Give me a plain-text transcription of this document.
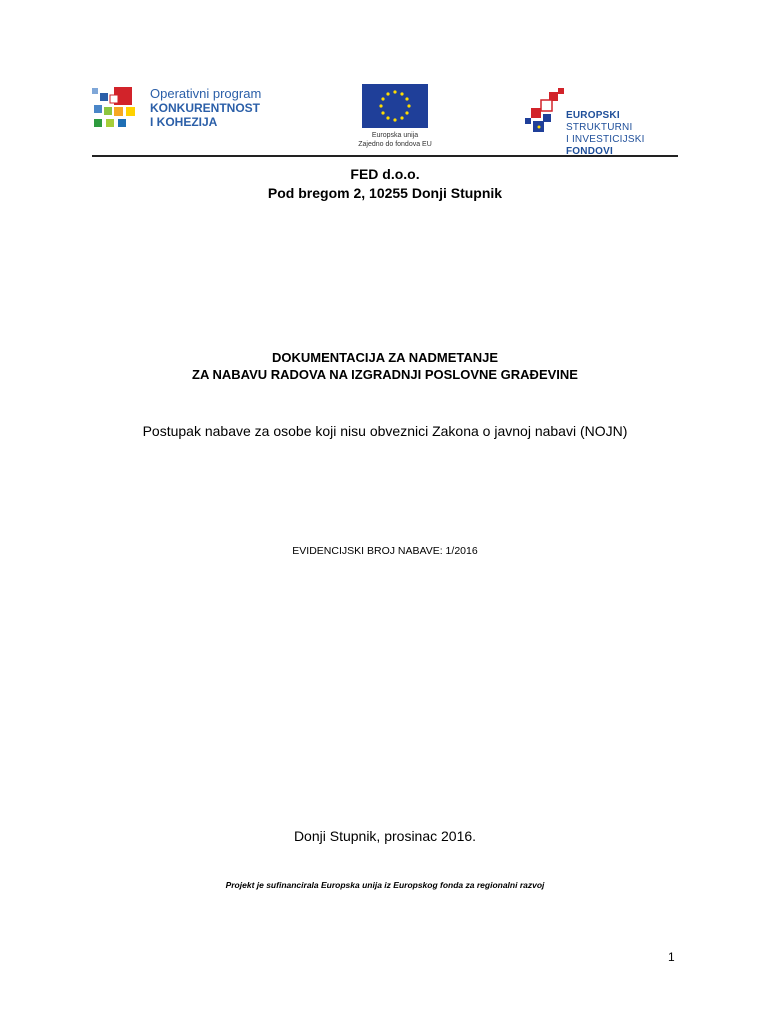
Operativni program
KONKURENTNOST
I KOHEZIJA
Europska unija
Zajedno do fondova EU
EUROPSKI STRUKTURNI
I INVESTICIJSKI FONDOVI
FED d.o.o.
Pod bregom 2, 10255 Donji Stupnik
DOKUMENTACIJA ZA NADMETANJE
ZA NABAVU RADOVA NA IZGRADNJI POSLOVNE GRAĐEVINE
Postupak nabave za osobe koji nisu obveznici Zakona o javnoj nabavi (NOJN)
EVIDENCIJSKI BROJ NABAVE: 1/2016
Donji Stupnik, prosinac 2016.
Projekt je sufinancirala Europska unija iz Europskog fonda za regionalni razvoj
1
